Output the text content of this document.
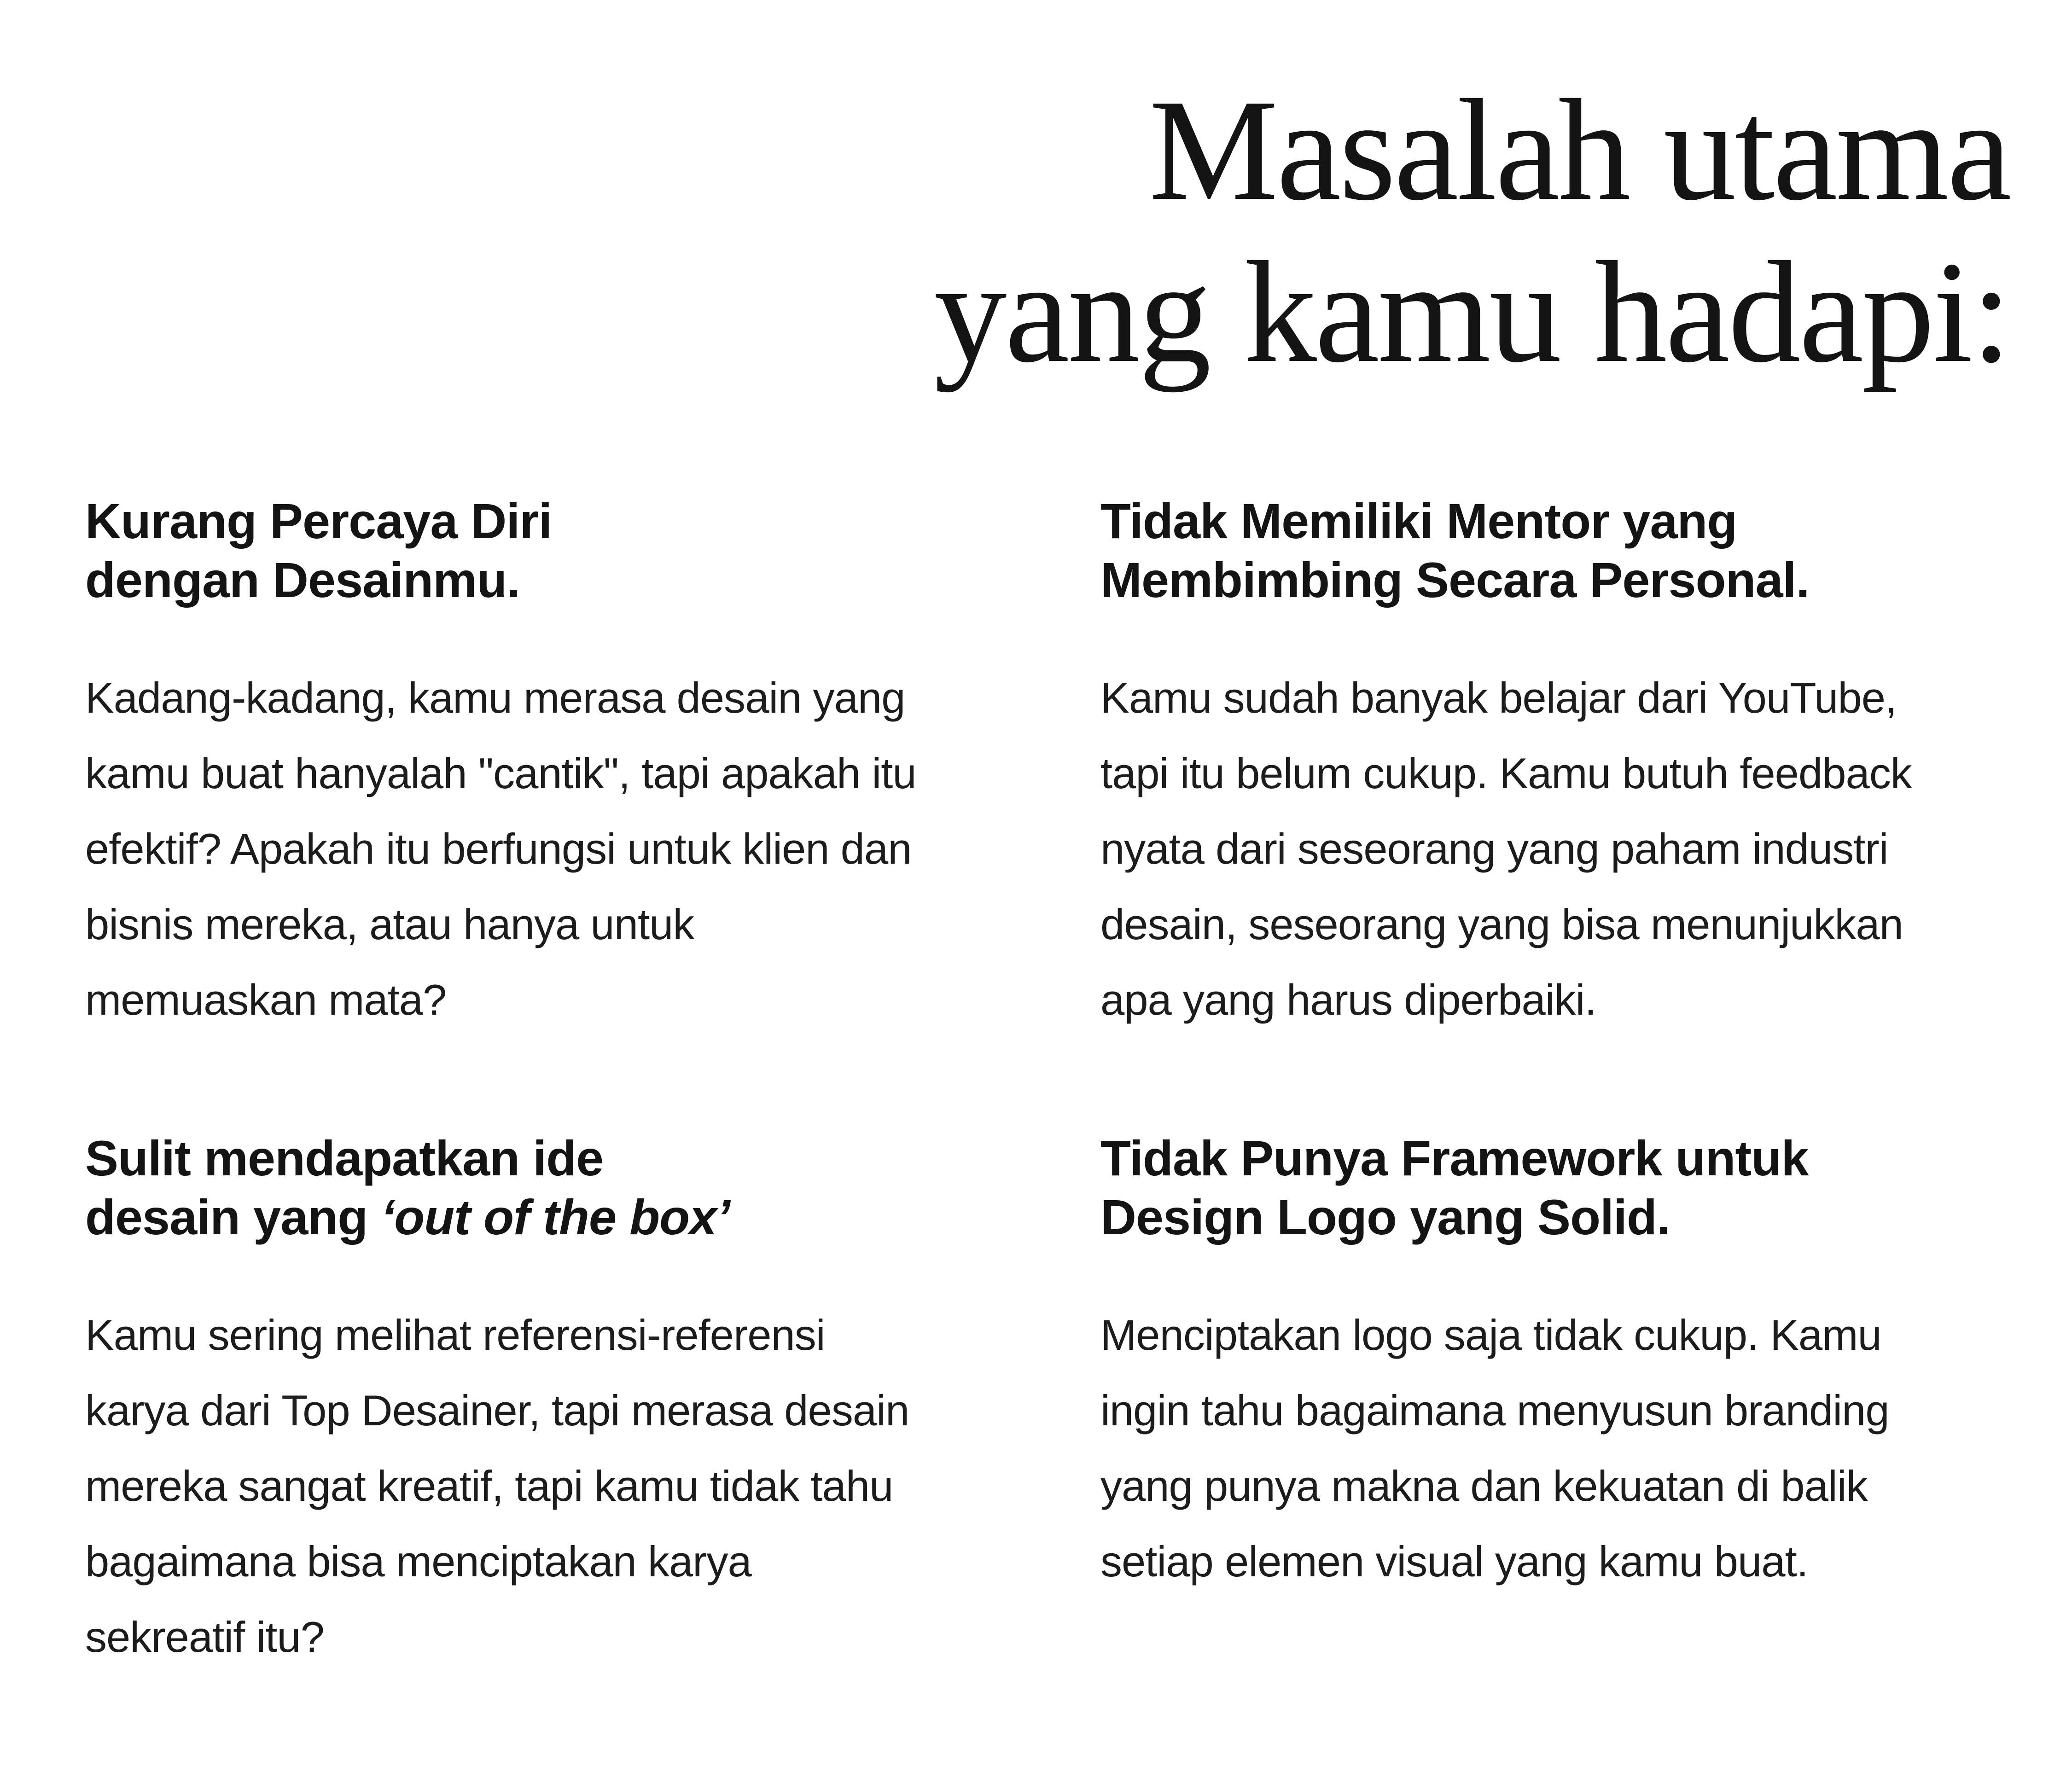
Masalah utama
yang kamu hadapi:
Kurang Percaya Diri
dengan Desainmu.
Kadang-kadang, kamu merasa desain yang
kamu buat hanyalah "cantik", tapi apakah itu
efektif? Apakah itu berfungsi untuk klien dan
bisnis mereka, atau hanya untuk
memuaskan mata?
Tidak Memiliki Mentor yang
Membimbing Secara Personal.
Kamu sudah banyak belajar dari YouTube,
tapi itu belum cukup. Kamu butuh feedback
nyata dari seseorang yang paham industri
desain, seseorang yang bisa menunjukkan
apa yang harus diperbaiki.
Sulit mendapatkan ide
desain yang ‘out of the box’
Kamu sering melihat referensi-referensi
karya dari Top Desainer, tapi merasa desain
mereka sangat kreatif, tapi kamu tidak tahu
bagaimana bisa menciptakan karya
sekreatif itu?
Tidak Punya Framework untuk
Design Logo yang Solid.
Menciptakan logo saja tidak cukup. Kamu
ingin tahu bagaimana menyusun branding
yang punya makna dan kekuatan di balik
setiap elemen visual yang kamu buat.
